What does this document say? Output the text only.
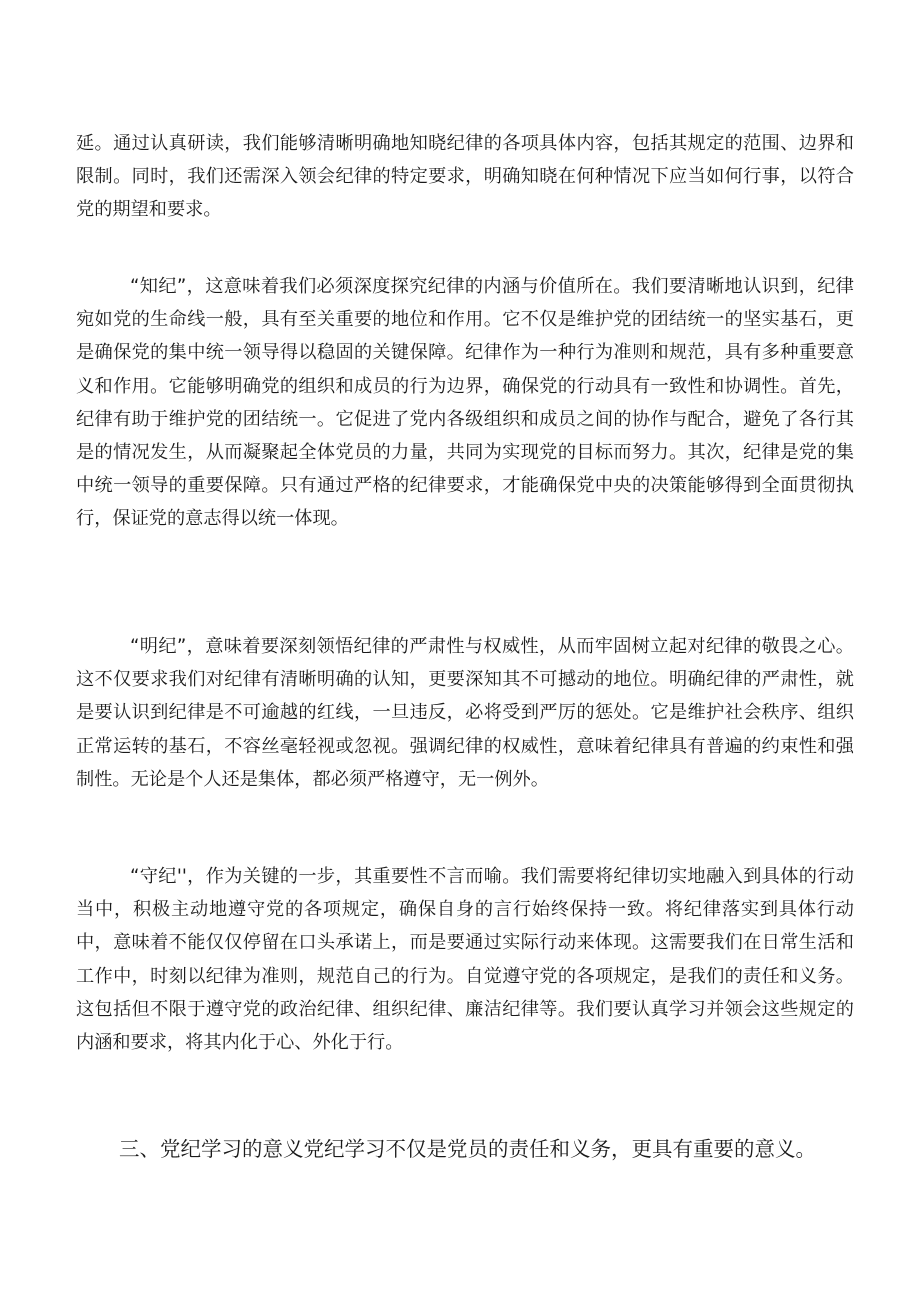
延。通过认真研读，我们能够清晰明确地知晓纪律的各项具体内容，包括其规定的范围、边界和限制。同时，我们还需深入领会纪律的特定要求，明确知晓在何种情况下应当如何行事，以符合党的期望和要求。

“知纪”，这意味着我们必须深度探究纪律的内涵与价值所在。我们要清晰地认识到，纪律宛如党的生命线一般，具有至关重要的地位和作用。它不仅是维护党的团结统一的坚实基石，更是确保党的集中统一领导得以稳固的关键保障。纪律作为一种行为准则和规范，具有多种重要意义和作用。它能够明确党的组织和成员的行为边界，确保党的行动具有一致性和协调性。首先，纪律有助于维护党的团结统一。它促进了党内各级组织和成员之间的协作与配合，避免了各行其是的情况发生，从而凝聚起全体党员的力量，共同为实现党的目标而努力。其次，纪律是党的集中统一领导的重要保障。只有通过严格的纪律要求，才能确保党中央的决策能够得到全面贯彻执行，保证党的意志得以统一体现。

“明纪”，意味着要深刻领悟纪律的严肃性与权威性，从而牢固树立起对纪律的敬畏之心。这不仅要求我们对纪律有清晰明确的认知，更要深知其不可撼动的地位。明确纪律的严肃性，就是要认识到纪律是不可逾越的红线，一旦违反，必将受到严厉的惩处。它是维护社会秩序、组织正常运转的基石，不容丝毫轻视或忽视。强调纪律的权威性，意味着纪律具有普遍的约束性和强制性。无论是个人还是集体，都必须严格遵守，无一例外。

“守纪''，作为关键的一步，其重要性不言而喻。我们需要将纪律切实地融入到具体的行动当中，积极主动地遵守党的各项规定，确保自身的言行始终保持一致。将纪律落实到具体行动中，意味着不能仅仅停留在口头承诺上，而是要通过实际行动来体现。这需要我们在日常生活和工作中，时刻以纪律为准则，规范自己的行为。自觉遵守党的各项规定，是我们的责任和义务。这包括但不限于遵守党的政治纪律、组织纪律、廉洁纪律等。我们要认真学习并领会这些规定的内涵和要求，将其内化于心、外化于行。

三、党纪学习的意义党纪学习不仅是党员的责任和义务，更具有重要的意义。
